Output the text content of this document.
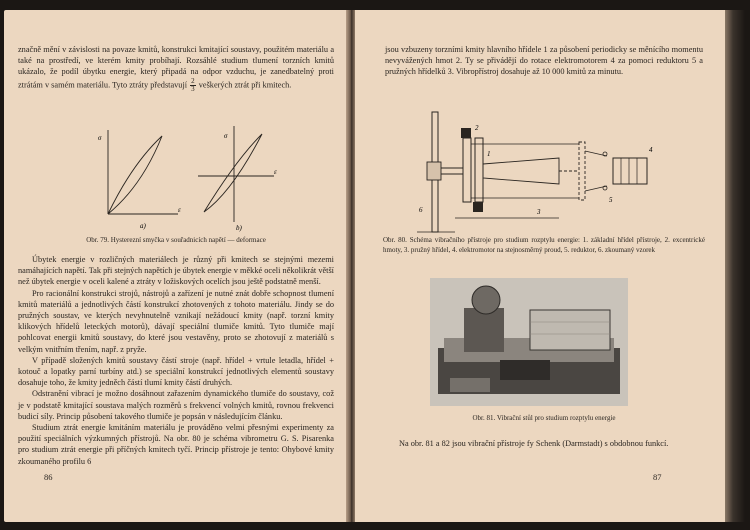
značně mění v závislosti na povaze kmitů, konstrukci kmitající soustavy, použitém materiálu a také na prostředí, ve kterém kmity probíhají. Rozsáhlé studium tlumení torzních kmitů ukázalo, že podíl úbytku energie, který připadá na odpor vzduchu, je zanedbatelný proti ztrátám v samém materiálu. Tyto ztráty představují $\frac{2}{3}$ veškerých ztrát při kmitech.

σ
ε
a)
σ
ε
b)
Obr. 79. Hysterezní smyčka v souřadnicích napětí — deformace

Úbytek energie v rozličných materiálech je různý při kmitech se stejnými mezemi namáhajících napětí. Tak při stejných napětích je úbytek energie v měkké oceli několikrát větší než úbytek energie v oceli kalené a ztráty v ložiskových ocelích jsou ještě podstatně menší.

Pro racionální konstrukci strojů, nástrojů a zařízení je nutné znát dobře schopnost tlumení kmitů materiálů a jednotlivých částí konstrukcí zhotovených z tohoto materiálu. Jindy se do pružných soustav, ve kterých nevyhnutelně vznikají nežádoucí kmity (např. torzní kmity klikových hřídelů leteckých motorů), dávají speciální tlumiče kmitů. Tyto tlumiče mají pohlcovat energii kmitů soustavy, do které jsou vestavěny, proto se zhotovují z materiálů s velkým vnitřním třením, např. z pryže.

V případě složených kmitů soustavy částí stroje (např. hřídel + vrtule letadla, hřídel + kotouč a lopatky parní turbíny atd.) se speciální konstrukcí jednotlivých elementů soustavy dosahuje toho, že kmity jedněch částí tlumí kmity částí druhých.

Odstranění vibrací je možno dosáhnout zařazením dynamického tlumiče do soustavy, což je v podstatě kmitající soustava malých rozměrů s frekvencí volných kmitů, rovnou frekvenci budicí síly. Princip působení takového tlumiče je popsán v následujícím článku.

Studium ztrát energie kmitáním materiálu je prováděno velmi přesnými experimenty za použití speciálních výzkumných přístrojů. Na obr. 80 je schéma vibrometru G. S. Pisarenka pro studium ztrát energie při příčných kmitech tyčí. Princip přístroje je tento: Ohybové kmity zkoumaného profilu 6

86
jsou vzbuzeny torzními kmity hlavního hřídele 1 za působení periodicky se měnícího momentu nevyvážených hmot 2. Ty se přivádějí do rotace elektromotorem 4 za pomoci reduktoru 5 a pružných hřídelků 3. Vibropřístroj dosahuje až 10 000 kmitů za minutu.
1
2
3
4
5
6
Obr. 80. Schéma vibračního přístroje pro studium rozptylu energie: 1. základní hřídel přístroje, 2. excentrické hmoty, 3. pružný hřídel, 4. elektromotor na stejnosměrný proud, 5. reduktor, 6. zkoumaný vzorek
Obr. 81. Vibrační stůl pro studium rozptylu energie
Na obr. 81 a 82 jsou vibrační přístroje fy Schenk (Darmstadt) s obdobnou funkcí.
87
